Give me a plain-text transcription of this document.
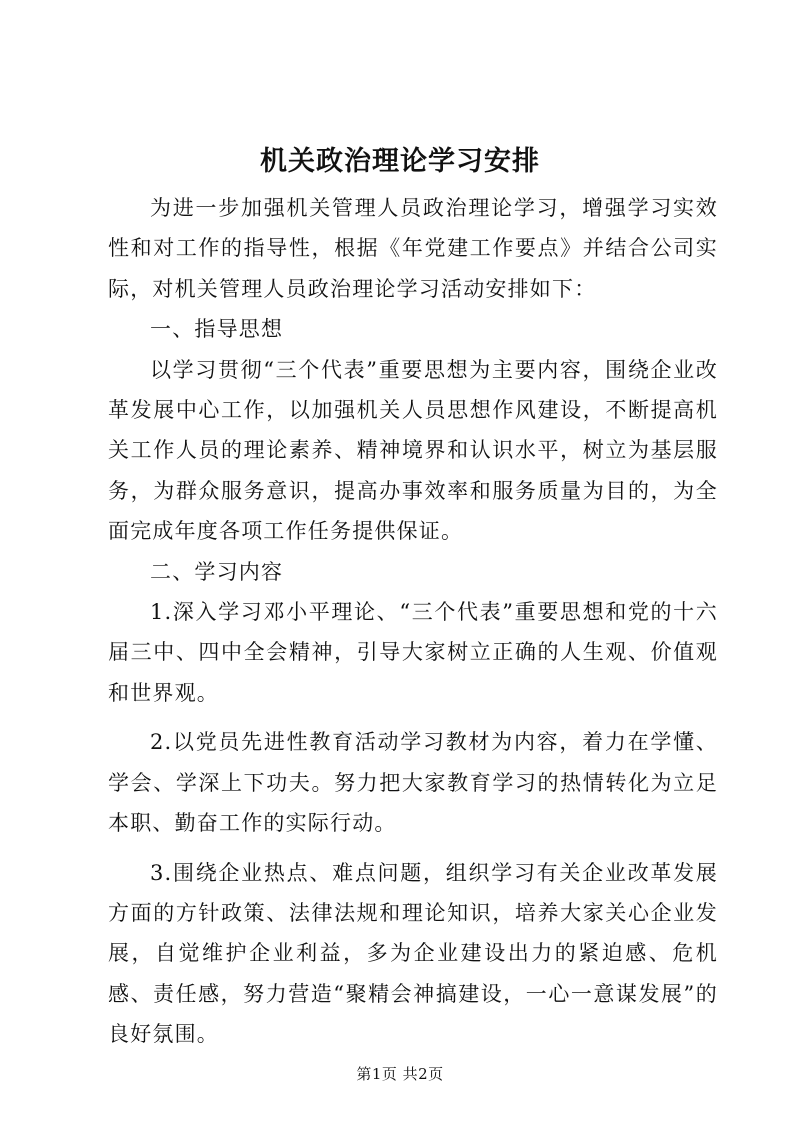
机关政治理论学习安排

为进一步加强机关管理人员政治理论学习，增强学习实效性和对工作的指导性，根据《年党建工作要点》并结合公司实际，对机关管理人员政治理论学习活动安排如下：

一、指导思想

以学习贯彻“三个代表”重要思想为主要内容，围绕企业改革发展中心工作，以加强机关人员思想作风建设，不断提高机关工作人员的理论素养、精神境界和认识水平，树立为基层服务，为群众服务意识，提高办事效率和服务质量为目的，为全面完成年度各项工作任务提供保证。

二、学习内容

1.深入学习邓小平理论、“三个代表”重要思想和党的十六届三中、四中全会精神，引导大家树立正确的人生观、价值观和世界观。

2.以党员先进性教育活动学习教材为内容，着力在学懂、学会、学深上下功夫。努力把大家教育学习的热情转化为立足本职、勤奋工作的实际行动。

3.围绕企业热点、难点问题，组织学习有关企业改革发展方面的方针政策、法律法规和理论知识，培养大家关心企业发展，自觉维护企业利益，多为企业建设出力的紧迫感、危机感、责任感，努力营造“聚精会神搞建设，一心一意谋发展”的良好氛围。

第1页 共2页
